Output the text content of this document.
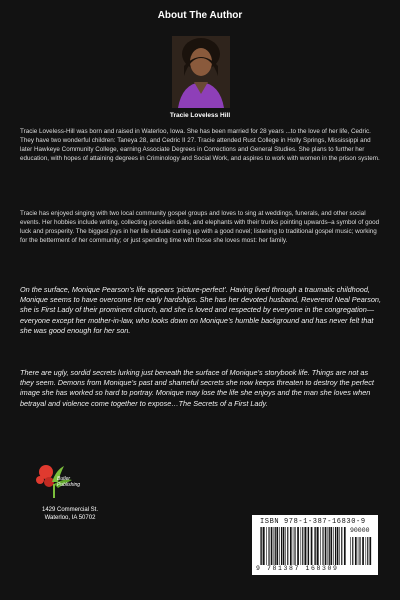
About The Author
Tracie Loveless Hill

Tracie Loveless-Hill was born and raised in Waterloo, Iowa. She has been married for 28 years ...to the love of her life, Cedric. They have two wonderful children: Taneya 28, and Cedric II 27. Tracie attended Rust College in Holly Springs, Mississippi and later Hawkeye Community College, earning Associate Degrees in Corrections and General Studies. She plans to further her education, with hopes of attaining degrees in Criminology and Social Work, and aspires to work with women in the prison system.

Tracie has enjoyed singing with two local community gospel groups and loves to sing at weddings, funerals, and other social events. Her hobbies include writing, collecting porcelain dolls, and elephants with their trunks pointing upwards–a symbol of good luck and prosperity. The biggest joys in her life include curling up with a good novel; listening to traditional gospel music; working for the betterment of her community; or just spending time with those she loves most: her family.

On the surface, Monique Pearson’s life appears ‘picture-perfect’. Having lived through a traumatic childhood, Monique seems to have overcome her early hardships. She has her devoted husband, Reverend Neal Pearson, she is First Lady of their prominent church, and she is loved and respected by everyone in the congregation—everyone except her mother-in-law, who looks down on Monique’s humble background and has never felt that she was good enough for her son.

There are ugly, sordid secrets lurking just beneath the surface of Monique’s storybook life. Things are not as they seem. Demons from Monique’s past and shameful secrets she now keeps threaten to destroy the perfect image she has worked so hard to portray. Monique may lose the life she enjoys and the man she loves when betrayal and violence come together to expose…The Secrets of a First Lady.

Butler
Publishing
1429 Commercial St.
Waterloo, IA 50702	ISBN 978-1-387-16830-9
90000
9 781387 168309
